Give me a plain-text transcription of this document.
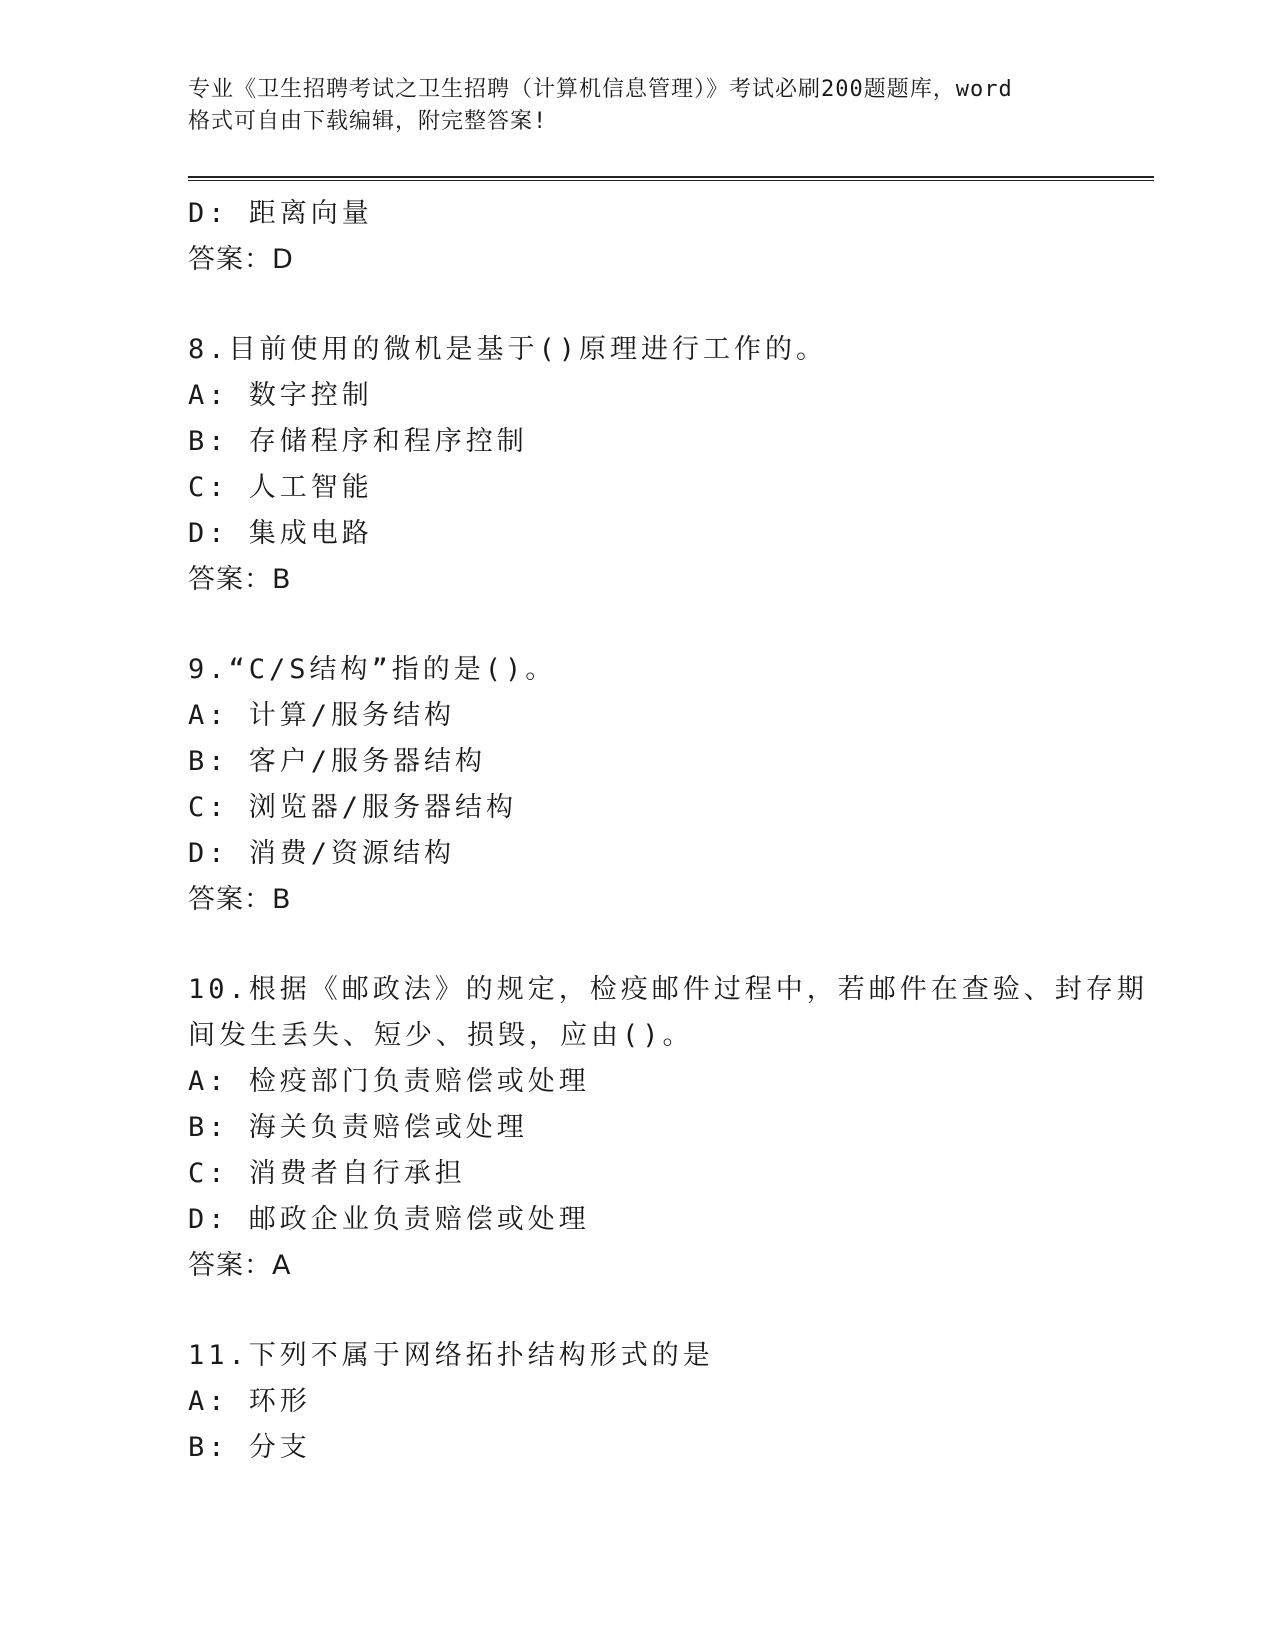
专业《卫生招聘考试之卫生招聘（计算机信息管理）》考试必刷200题题库，word
格式可自由下载编辑，附完整答案!
D: 距离向量
答案：D
8.目前使用的微机是基于()原理进行工作的。
A: 数字控制
B: 存储程序和程序控制
C: 人工智能
D: 集成电路
答案：B
9.“C/S结构”指的是()。
A: 计算/服务结构
B: 客户/服务器结构
C: 浏览器/服务器结构
D: 消费/资源结构
答案：B
10.根据《邮政法》的规定，检疫邮件过程中，若邮件在查验、封存期
间发生丢失、短少、损毁，应由()。
A: 检疫部门负责赔偿或处理
B: 海关负责赔偿或处理
C: 消费者自行承担
D: 邮政企业负责赔偿或处理
答案：A
11.下列不属于网络拓扑结构形式的是
A: 环形
B: 分支
